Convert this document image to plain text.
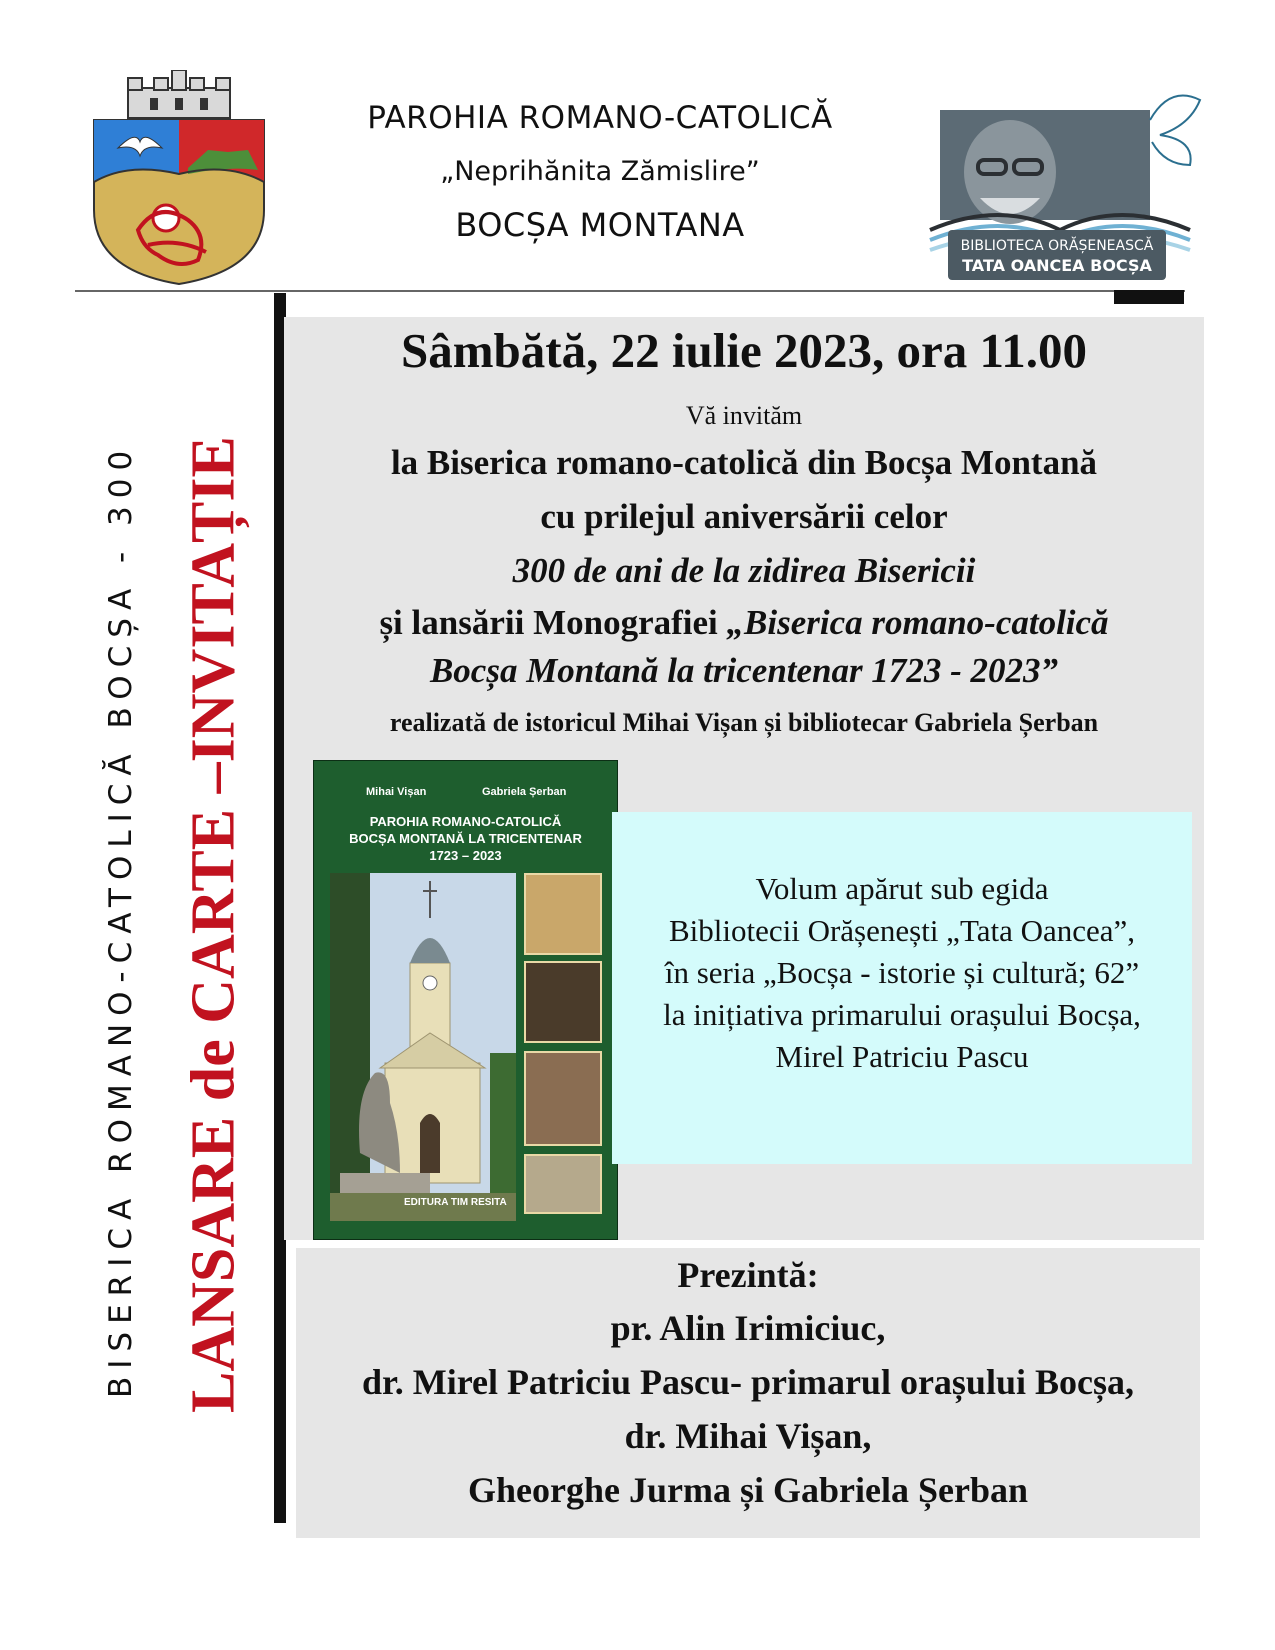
PAROHIA ROMANO-CATOLICĂ
„Neprihănita Zămislire”
BOCȘA MONTANA
BIBLIOTECA ORĂȘENEASCĂ
TATA OANCEA BOCȘA
BISERICA ROMANO-CATOLICĂ BOCȘA - 300 LANSARE de CARTE –INVITAȚIE
Sâmbătă, 22 iulie 2023, ora 11.00
Vă invităm
la Biserica romano-catolică din Bocșa Montană
cu prilejul aniversării celor
300 de ani de la zidirea Bisericii
și lansării Monografiei „Biserica romano-catolică
Bocșa Montană la tricentenar 1723 - 2023”
realizată de istoricul Mihai Vișan și bibliotecar Gabriela Șerban
Mihai Vișan	Gabriela Șerban
PAROHIA ROMANO-CATOLICĂ
BOCȘA MONTANĂ LA TRICENTENAR
1723 – 2023
EDITURA TIM RESITA
Volum apărut sub egida
Bibliotecii Orășenești „Tata Oancea”,
în seria „Bocșa - istorie și cultură; 62”
la inițiativa primarului orașului Bocșa,
Mirel Patriciu Pascu
Prezintă:
pr. Alin Irimiciuc,
dr. Mirel Patriciu Pascu- primarul orașului Bocșa,
dr. Mihai Vișan,
Gheorghe Jurma și Gabriela Șerban
